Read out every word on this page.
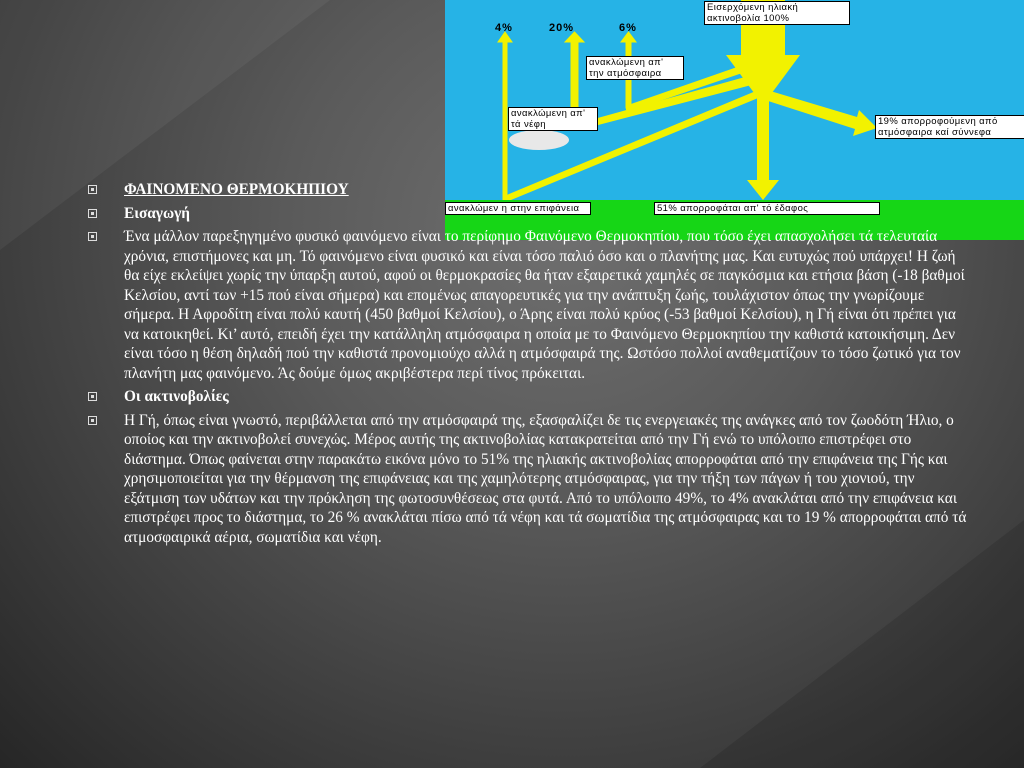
4%	20%	6%
Εισερχόμενη ηλιακή ακτινοβολία 100%
ανακλώμενη απ' την ατμόσφαιρα
ανακλώμενη απ' τά νέφη	19% απορροφούμενη από ατμόσφαιρα καί σύννεφα
ανακλώμεν η στην επιφάνεια	51% απορροφάται απ' τό έδαφος
ΦΑΙΝΟΜΕΝΟ ΘΕΡΜΟΚΗΠΙΟΥ
Εισαγωγή
Ένα μάλλον παρεξηγημένο φυσικό φαινόμενο είναι το περίφημο Φαινόμενο Θερμοκηπίου, που τόσο έχει απασχολήσει τά τελευταία χρόνια, επιστήμονες και μη. Τό φαινόμενο είναι φυσικό και είναι τόσο παλιό όσο και ο πλανήτης μας. Και ευτυχώς πού υπάρχει! Η ζωή θα είχε εκλείψει χωρίς την ύπαρξη αυτού, αφού οι θερμοκρασίες θα ήταν εξαιρετικά χαμηλές σε παγκόσμια και ετήσια βάση (-18 βαθμοί Κελσίου, αντί των +15 πού είναι σήμερα) και επομένως απαγορευτικές για την ανάπτυξη ζωής, τουλάχιστον όπως την γνωρίζουμε σήμερα. Η Αφροδίτη είναι πολύ καυτή (450 βαθμοί Κελσίου), ο Άρης είναι πολύ κρύος (-53 βαθμοί Κελσίου), η Γή είναι ότι πρέπει για να κατοικηθεί. Κι’ αυτό, επειδή έχει την κατάλληλη ατμόσφαιρα η οποία με το Φαινόμενο Θερμοκηπίου την καθιστά κατοικήσιμη. Δεν είναι τόσο η θέση δηλαδή πού την καθιστά προνομιούχο αλλά η ατμόσφαιρά της. Ωστόσο πολλοί αναθεματίζουν το τόσο ζωτικό για τον πλανήτη μας φαινόμενο. Άς δούμε όμως ακριβέστερα περί τίνος πρόκειται.
Οι ακτινοβολίες
Η Γή, όπως είναι γνωστό, περιβάλλεται από την ατμόσφαιρά της, εξασφαλίζει δε τις ενεργειακές της ανάγκες από τον ζωοδότη Ήλιο, ο οποίος και την ακτινοβολεί συνεχώς. Μέρος αυτής της ακτινοβολίας κατακρατείται από την Γή ενώ το υπόλοιπο επιστρέφει στο διάστημα. Όπως φαίνεται στην παρακάτω εικόνα μόνο το 51% της ηλιακής ακτινοβολίας απορροφάται από την επιφάνεια της Γής και χρησιμοποιείται για την θέρμανση της επιφάνειας και της χαμηλότερης ατμόσφαιρας, για την τήξη των πάγων ή του χιονιού, την εξάτμιση των υδάτων και την πρόκληση της φωτοσυνθέσεως στα φυτά. Από το υπόλοιπο 49%, το 4% ανακλάται από την επιφάνεια και επιστρέφει προς το διάστημα, το 26 % ανακλάται πίσω από τά νέφη και τά σωματίδια της ατμόσφαιρας και το 19 % απορροφάται από τά ατμοσφαιρικά αέρια, σωματίδια και νέφη.
